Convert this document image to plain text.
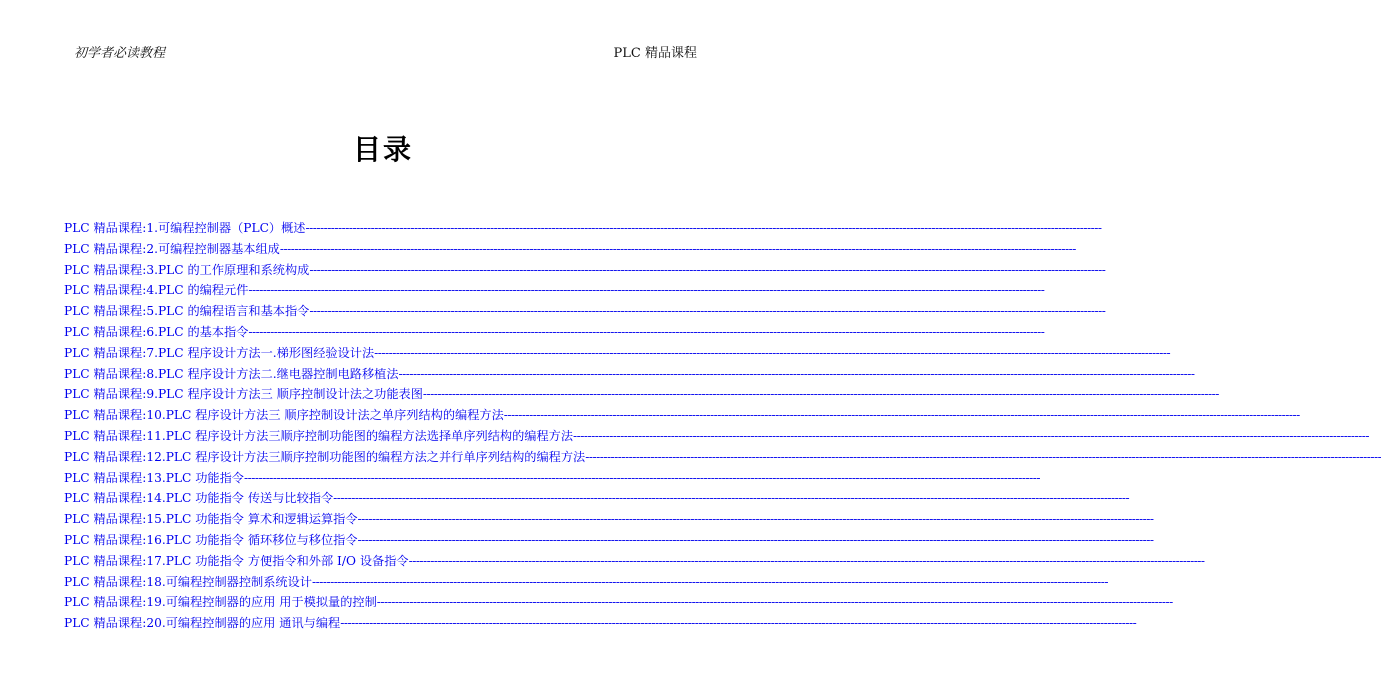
初学者必读教程	PLC 精品课程
目录
PLC 精品课程:1.可编程控制器（PLC）概述 ----------------------------------------------------------------------------------------------------------------------------------------------------------------------------------------------------------------------------
PLC 精品课程:2.可编程控制器基本组成 ----------------------------------------------------------------------------------------------------------------------------------------------------------------------------------------------------------------------------
PLC 精品课程:3.PLC 的工作原理和系统构成 ----------------------------------------------------------------------------------------------------------------------------------------------------------------------------------------------------------------------------
PLC 精品课程:4.PLC 的编程元件 ----------------------------------------------------------------------------------------------------------------------------------------------------------------------------------------------------------------------------
PLC 精品课程:5.PLC 的编程语言和基本指令 ----------------------------------------------------------------------------------------------------------------------------------------------------------------------------------------------------------------------------
PLC 精品课程:6.PLC 的基本指令 ----------------------------------------------------------------------------------------------------------------------------------------------------------------------------------------------------------------------------
PLC 精品课程:7.PLC 程序设计方法一.梯形图经验设计法 ----------------------------------------------------------------------------------------------------------------------------------------------------------------------------------------------------------------------------
PLC 精品课程:8.PLC 程序设计方法二.继电器控制电路移植法 ----------------------------------------------------------------------------------------------------------------------------------------------------------------------------------------------------------------------------
PLC 精品课程:9.PLC 程序设计方法三 顺序控制设计法之功能表图 ----------------------------------------------------------------------------------------------------------------------------------------------------------------------------------------------------------------------------
PLC 精品课程:10.PLC 程序设计方法三 顺序控制设计法之单序列结构的编程方法 ----------------------------------------------------------------------------------------------------------------------------------------------------------------------------------------------------------------------------
PLC 精品课程:11.PLC 程序设计方法三顺序控制功能图的编程方法选择单序列结构的编程方法 ----------------------------------------------------------------------------------------------------------------------------------------------------------------------------------------------------------------------------
PLC 精品课程:12.PLC 程序设计方法三顺序控制功能图的编程方法之并行单序列结构的编程方法 ----------------------------------------------------------------------------------------------------------------------------------------------------------------------------------------------------------------------------
PLC 精品课程:13.PLC 功能指令 ----------------------------------------------------------------------------------------------------------------------------------------------------------------------------------------------------------------------------
PLC 精品课程:14.PLC 功能指令 传送与比较指令 ----------------------------------------------------------------------------------------------------------------------------------------------------------------------------------------------------------------------------
PLC 精品课程:15.PLC 功能指令 算术和逻辑运算指令 ----------------------------------------------------------------------------------------------------------------------------------------------------------------------------------------------------------------------------
PLC 精品课程:16.PLC 功能指令 循环移位与移位指令 ----------------------------------------------------------------------------------------------------------------------------------------------------------------------------------------------------------------------------
PLC 精品课程:17.PLC 功能指令 方便指令和外部 I/O 设备指令 ----------------------------------------------------------------------------------------------------------------------------------------------------------------------------------------------------------------------------
PLC 精品课程:18.可编程控制器控制系统设计 ----------------------------------------------------------------------------------------------------------------------------------------------------------------------------------------------------------------------------
PLC 精品课程:19.可编程控制器的应用 用于模拟量的控制 ----------------------------------------------------------------------------------------------------------------------------------------------------------------------------------------------------------------------------
PLC 精品课程:20.可编程控制器的应用 通讯与编程 ----------------------------------------------------------------------------------------------------------------------------------------------------------------------------------------------------------------------------
